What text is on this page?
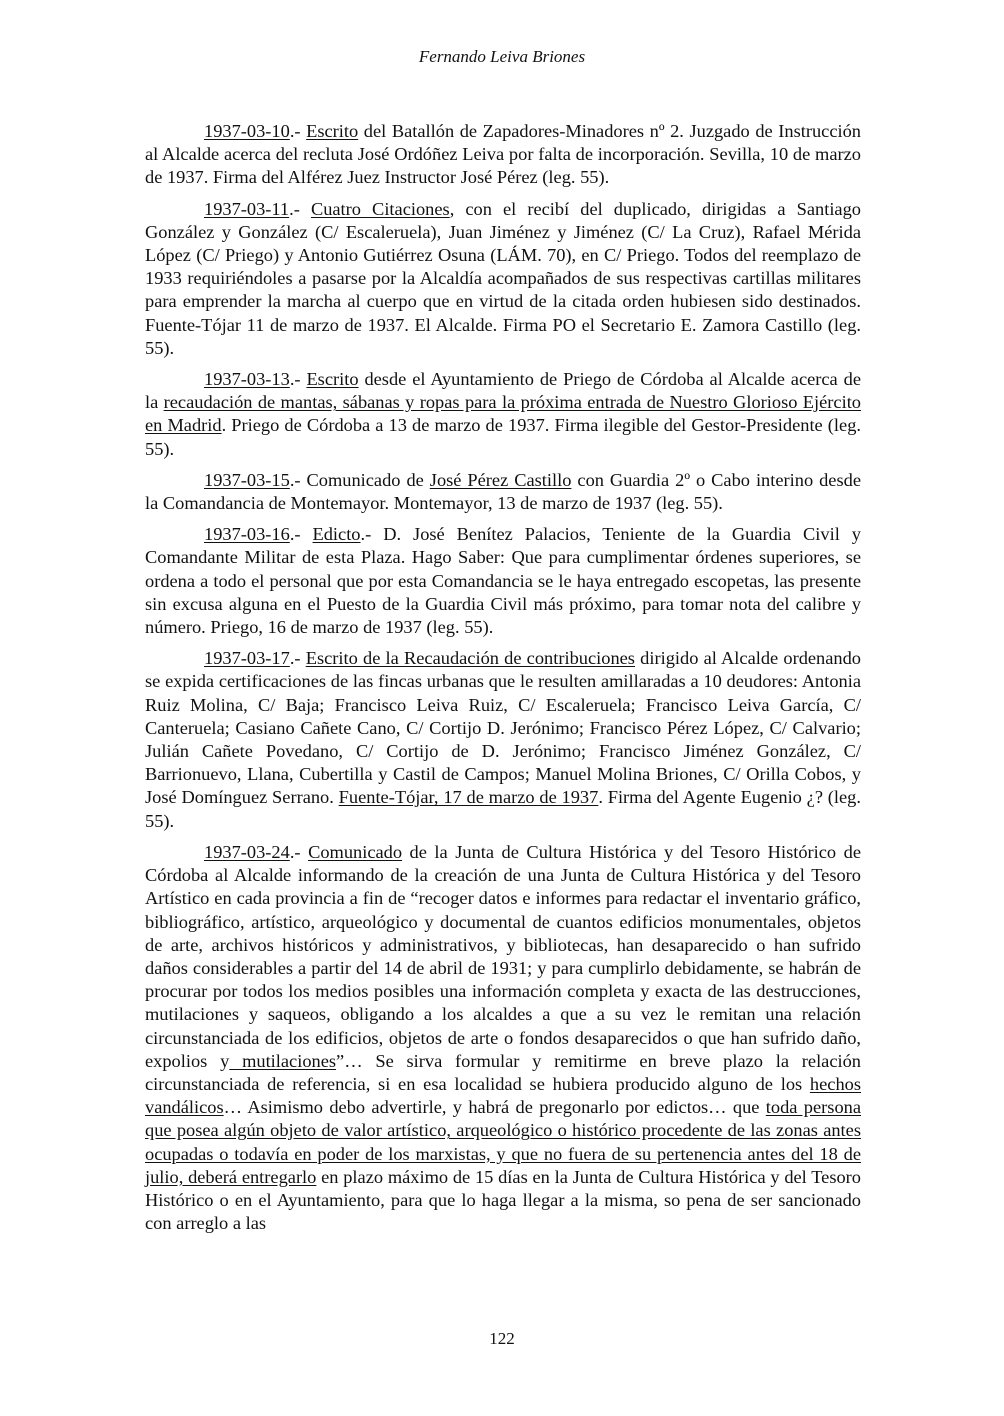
Fernando Leiva Briones

1937-03-10.- Escrito del Batallón de Zapadores-Minadores nº 2. Juzgado de Instrucción al Alcalde acerca del recluta José Ordóñez Leiva por falta de incorporación. Sevilla, 10 de marzo de 1937. Firma del Alférez Juez Instructor José Pérez (leg. 55).

1937-03-11.- Cuatro Citaciones, con el recibí del duplicado, dirigidas a Santiago González y González (C/ Escaleruela), Juan Jiménez y Jiménez (C/ La Cruz), Rafael Mérida López (C/ Priego) y Antonio Gutiérrez Osuna (LÁM. 70), en C/ Priego. Todos del reemplazo de 1933 requiriéndoles a pasarse por la Alcaldía acompañados de sus respectivas cartillas militares para emprender la marcha al cuerpo que en virtud de la citada orden hubiesen sido destinados. Fuente-Tójar 11 de marzo de 1937. El Alcalde. Firma PO el Secretario E. Zamora Castillo (leg. 55).

1937-03-13.- Escrito desde el Ayuntamiento de Priego de Córdoba al Alcalde acerca de la recaudación de mantas, sábanas y ropas para la próxima entrada de Nuestro Glorioso Ejército en Madrid. Priego de Córdoba a 13 de marzo de 1937. Firma ilegible del Gestor-Presidente (leg. 55).

1937-03-15.- Comunicado de José Pérez Castillo con Guardia 2º o Cabo interino desde la Comandancia de Montemayor. Montemayor, 13 de marzo de 1937 (leg. 55).

1937-03-16.- Edicto.- D. José Benítez Palacios, Teniente de la Guardia Civil y Comandante Militar de esta Plaza. Hago Saber: Que para cumplimentar órdenes superiores, se ordena a todo el personal que por esta Comandancia se le haya entregado escopetas, las presente sin excusa alguna en el Puesto de la Guardia Civil más próximo, para tomar nota del calibre y número. Priego, 16 de marzo de 1937 (leg. 55).

1937-03-17.- Escrito de la Recaudación de contribuciones dirigido al Alcalde ordenando se expida certificaciones de las fincas urbanas que le resulten amillaradas a 10 deudores: Antonia Ruiz Molina, C/ Baja; Francisco Leiva Ruiz, C/ Escaleruela; Francisco Leiva García, C/ Canteruela; Casiano Cañete Cano, C/ Cortijo D. Jerónimo; Francisco Pérez López, C/ Calvario; Julián Cañete Povedano, C/ Cortijo de D. Jerónimo; Francisco Jiménez González, C/ Barrionuevo, Llana, Cubertilla y Castil de Campos; Manuel Molina Briones, C/ Orilla Cobos, y José Domínguez Serrano. Fuente-Tójar, 17 de marzo de 1937. Firma del Agente Eugenio ¿? (leg. 55).

1937-03-24.- Comunicado de la Junta de Cultura Histórica y del Tesoro Histórico de Córdoba al Alcalde informando de la creación de una Junta de Cultura Histórica y del Tesoro Artístico en cada provincia a fin de “recoger datos e informes para redactar el inventario gráfico, bibliográfico, artístico, arqueológico y documental de cuantos edificios monumentales, objetos de arte, archivos históricos y administrativos, y bibliotecas, han desaparecido o han sufrido daños considerables a partir del 14 de abril de 1931; y para cumplirlo debidamente, se habrán de procurar por todos los medios posibles una información completa y exacta de las destrucciones, mutilaciones y saqueos, obligando a los alcaldes a que a su vez le remitan una relación circunstanciada de los edificios, objetos de arte o fondos desaparecidos o que han sufrido daño, expolios y mutilaciones”… Se sirva formular y remitirme en breve plazo la relación circunstanciada de referencia, si en esa localidad se hubiera producido alguno de los hechos vandálicos… Asimismo debo advertirle, y habrá de pregonarlo por edictos… que toda persona que posea algún objeto de valor artístico, arqueológico o histórico procedente de las zonas antes ocupadas o todavía en poder de los marxistas, y que no fuera de su pertenencia antes del 18 de julio, deberá entregarlo en plazo máximo de 15 días en la Junta de Cultura Histórica y del Tesoro Histórico o en el Ayuntamiento, para que lo haga llegar a la misma, so pena de ser sancionado con arreglo a las

122
